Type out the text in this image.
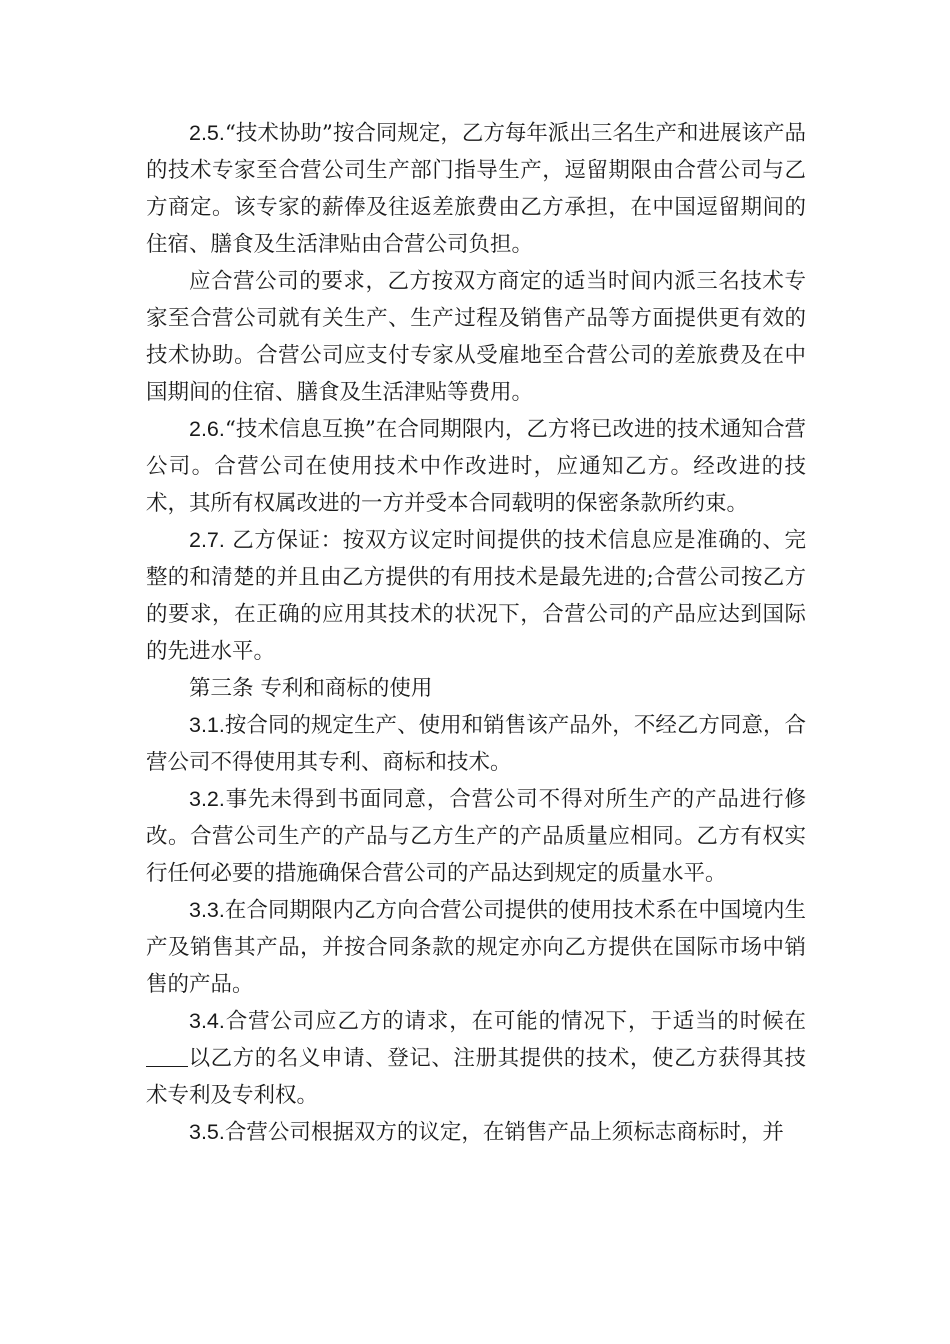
2.5.“技术协助”按合同规定，乙方每年派出三名生产和进展该产品的技术专家至合营公司生产部门指导生产，逗留期限由合营公司与乙方商定。该专家的薪俸及往返差旅费由乙方承担，在中国逗留期间的住宿、膳食及生活津贴由合营公司负担。

应合营公司的要求，乙方按双方商定的适当时间内派三名技术专家至合营公司就有关生产、生产过程及销售产品等方面提供更有效的技术协助。合营公司应支付专家从受雇地至合营公司的差旅费及在中国期间的住宿、膳食及生活津贴等费用。

2.6.“技术信息互换”在合同期限内，乙方将已改进的技术通知合营公司。合营公司在使用技术中作改进时，应通知乙方。经改进的技术，其所有权属改进的一方并受本合同载明的保密条款所约束。

2.7. 乙方保证：按双方议定时间提供的技术信息应是准确的、完整的和清楚的并且由乙方提供的有用技术是最先进的;合营公司按乙方的要求，在正确的应用其技术的状况下，合营公司的产品应达到国际的先进水平。

第三条 专利和商标的使用

3.1.按合同的规定生产、使用和销售该产品外，不经乙方同意，合营公司不得使用其专利、商标和技术。

3.2.事先未得到书面同意，合营公司不得对所生产的产品进行修改。合营公司生产的产品与乙方生产的产品质量应相同。乙方有权实行任何必要的措施确保合营公司的产品达到规定的质量水平。

3.3.在合同期限内乙方向合营公司提供的使用技术系在中国境内生产及销售其产品，并按合同条款的规定亦向乙方提供在国际市场中销售的产品。

3.4.合营公司应乙方的请求，在可能的情况下，于适当的时候在以乙方的名义申请、登记、注册其提供的技术，使乙方获得其技术专利及专利权。

3.5.合营公司根据双方的议定，在销售产品上须标志商标时，并
